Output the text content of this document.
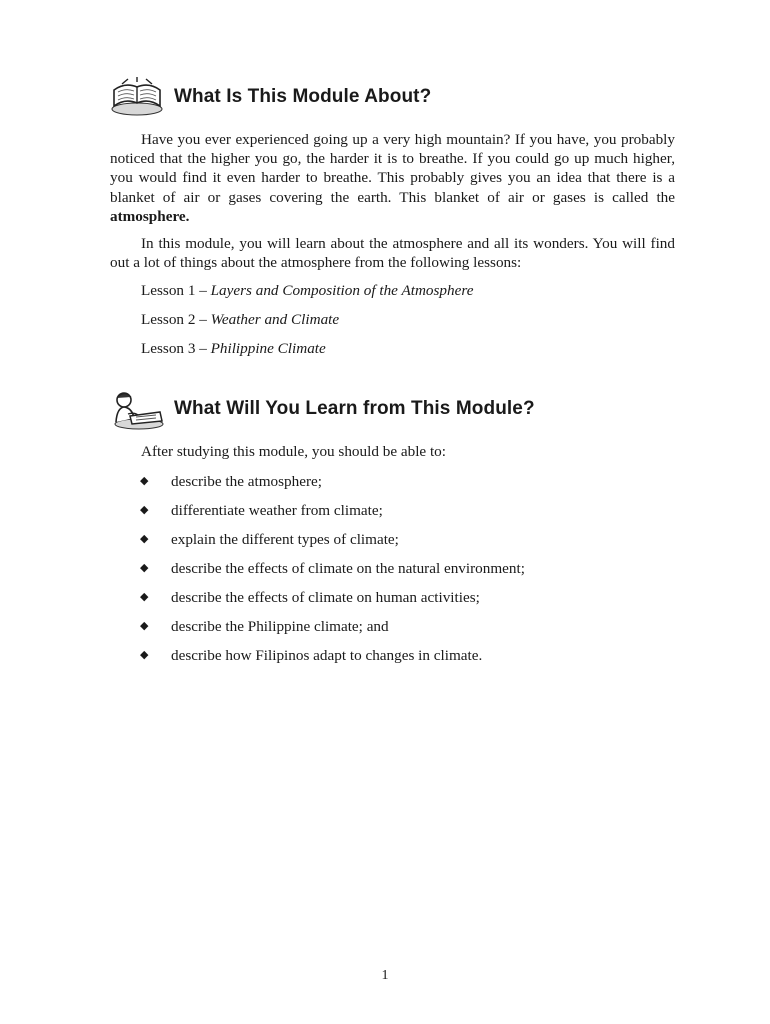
What Is This Module About?

Have you ever experienced going up a very high mountain? If you have, you probably noticed that the higher you go, the harder it is to breathe. If you could go up much higher, you would find it even harder to breathe. This probably gives you an idea that there is a blanket of air or gases covering the earth. This blanket of air or gases is called the atmosphere.

In this module, you will learn about the atmosphere and all its wonders. You will find out a lot of things about the atmosphere from the following lessons:

Lesson 1 – Layers and Composition of the Atmosphere

Lesson 2 – Weather and Climate

Lesson 3 – Philippine Climate

What Will You Learn from This Module?

After studying this module, you should be able to:

◆ describe the atmosphere;
◆ differentiate weather from climate;
◆ explain the different types of climate;
◆ describe the effects of climate on the natural environment;
◆ describe the effects of climate on human activities;
◆ describe the Philippine climate; and
◆ describe how Filipinos adapt to changes in climate.
1
